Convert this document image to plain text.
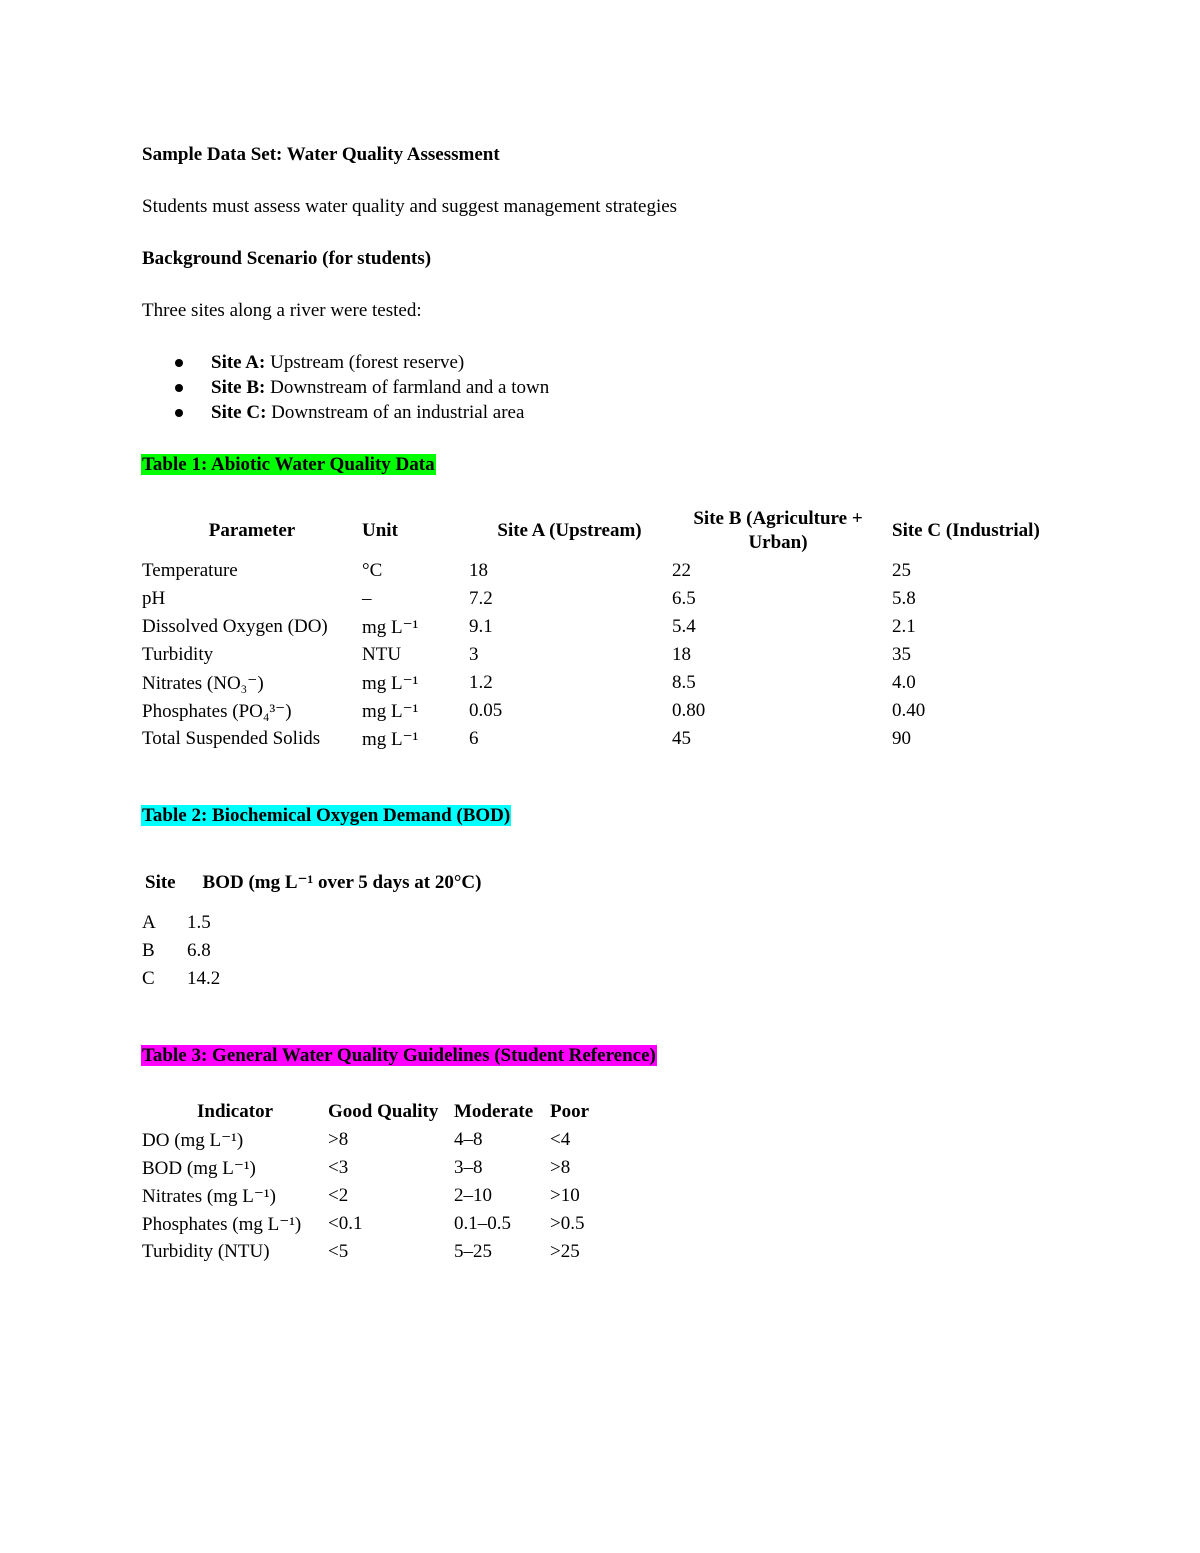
Sample Data Set: Water Quality Assessment
Students must assess water quality and suggest management strategies
Background Scenario (for students)
Three sites along a river were tested:
Site A: Upstream (forest reserve)
Site B: Downstream of farmland and a town
Site C: Downstream of an industrial area
Table 1: Abiotic Water Quality Data
Parameter	Unit	Site A (Upstream)	Site B (Agriculture + Urban)	Site C (Industrial)
Temperature	°C	18	22	25
pH	–	7.2	6.5	5.8
Dissolved Oxygen (DO)	mg L⁻¹	9.1	5.4	2.1
Turbidity	NTU	3	18	35
Nitrates (NO₃⁻)	mg L⁻¹	1.2	8.5	4.0
Phosphates (PO₄³⁻)	mg L⁻¹	0.05	0.80	0.40
Total Suspended Solids	mg L⁻¹	6	45	90
Table 2: Biochemical Oxygen Demand (BOD)
Site	BOD (mg L⁻¹ over 5 days at 20°C)
A	1.5
B	6.8
C	14.2
Table 3: General Water Quality Guidelines (Student Reference)
Indicator	Good Quality	Moderate	Poor
DO (mg L⁻¹)	>8	4–8	<4
BOD (mg L⁻¹)	<3	3–8	>8
Nitrates (mg L⁻¹)	<2	2–10	>10
Phosphates (mg L⁻¹)	<0.1	0.1–0.5	>0.5
Turbidity (NTU)	<5	5–25	>25
